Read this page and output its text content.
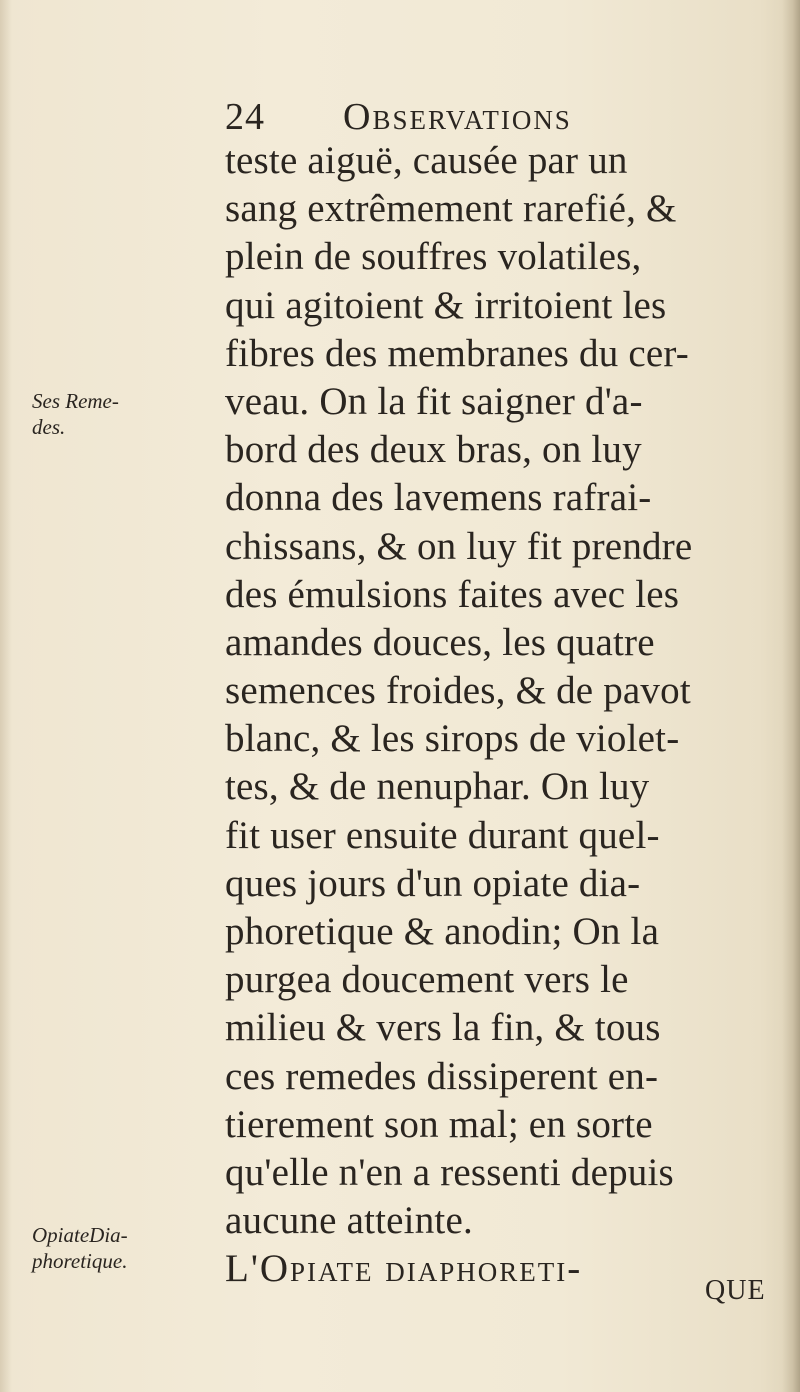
24 Observations
Ses Reme-
des.
OpiateDia-
phoretique.
teste aiguë, causée par un
sang extrêmement rarefié, &
plein de souffres volatiles,
qui agitoient & irritoient les
fibres des membranes du cer-
veau. On la fit saigner d'a-
bord des deux bras, on luy
donna des lavemens rafrai-
chissans, & on luy fit prendre
des émulsions faites avec les
amandes douces, les quatre
semences froides, & de pavot
blanc, & les sirops de violet-
tes, & de nenuphar. On luy
fit user ensuite durant quel-
ques jours d'un opiate dia-
phoretique & anodin; On la
purgea doucement vers le
milieu & vers la fin, & tous
ces remedes dissiperent en-
tierement son mal; en sorte
qu'elle n'en a ressenti depuis
aucune atteinte.
L'Opiate diaphoreti-
QUE
